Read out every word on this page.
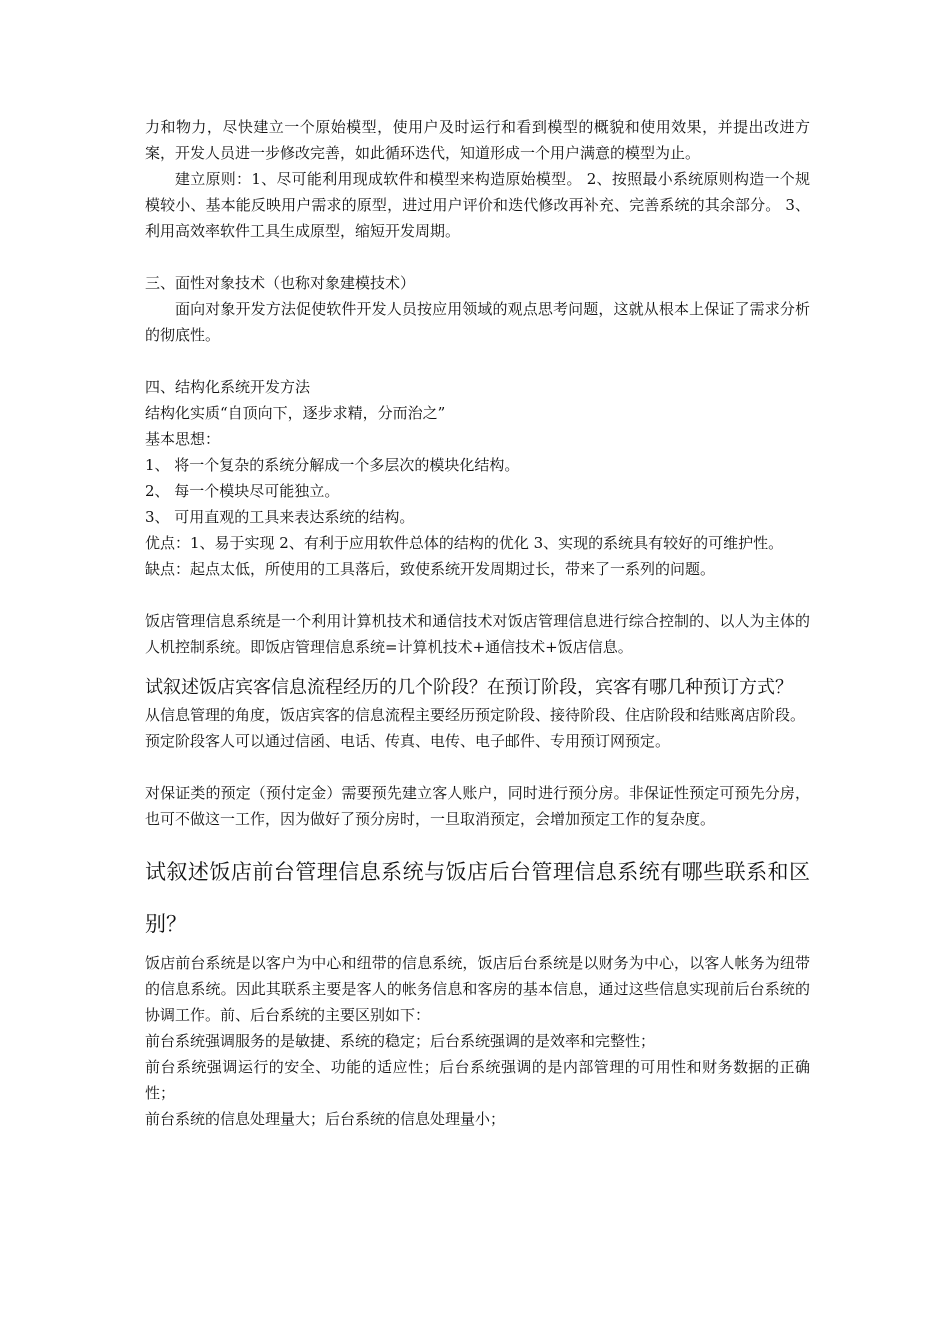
力和物力，尽快建立一个原始模型，使用户及时运行和看到模型的概貌和使用效果，并提出改进方案，开发人员进一步修改完善，如此循环迭代，知道形成一个用户满意的模型为止。

建立原则：1、尽可能利用现成软件和模型来构造原始模型。 2、按照最小系统原则构造一个规模较小、基本能反映用户需求的原型，进过用户评价和迭代修改再补充、完善系统的其余部分。 3、利用高效率软件工具生成原型，缩短开发周期。

三、面性对象技术（也称对象建模技术）

面向对象开发方法促使软件开发人员按应用领域的观点思考问题，这就从根本上保证了需求分析的彻底性。

四、结构化系统开发方法

结构化实质“自顶向下，逐步求精，分而治之”

基本思想：

1、 将一个复杂的系统分解成一个多层次的模块化结构。

2、 每一个模块尽可能独立。

3、 可用直观的工具来表达系统的结构。

优点：1、易于实现 2、有利于应用软件总体的结构的优化 3、实现的系统具有较好的可维护性。

缺点：起点太低，所使用的工具落后，致使系统开发周期过长，带来了一系列的问题。

饭店管理信息系统是一个利用计算机技术和通信技术对饭店管理信息进行综合控制的、以人为主体的人机控制系统。即饭店管理信息系统=计算机技术+通信技术+饭店信息。

试叙述饭店宾客信息流程经历的几个阶段？在预订阶段，宾客有哪几种预订方式？

从信息管理的角度，饭店宾客的信息流程主要经历预定阶段、接待阶段、住店阶段和结账离店阶段。

预定阶段客人可以通过信函、电话、传真、电传、电子邮件、专用预订网预定。

对保证类的预定（预付定金）需要预先建立客人账户，同时进行预分房。非保证性预定可预先分房，也可不做这一工作，因为做好了预分房时，一旦取消预定，会增加预定工作的复杂度。

试叙述饭店前台管理信息系统与饭店后台管理信息系统有哪些联系和区别？

饭店前台系统是以客户为中心和纽带的信息系统，饭店后台系统是以财务为中心，以客人帐务为纽带的信息系统。因此其联系主要是客人的帐务信息和客房的基本信息，通过这些信息实现前后台系统的协调工作。前、后台系统的主要区别如下：

前台系统强调服务的是敏捷、系统的稳定；后台系统强调的是效率和完整性；

前台系统强调运行的安全、功能的适应性；后台系统强调的是内部管理的可用性和财务数据的正确性；

前台系统的信息处理量大；后台系统的信息处理量小；
